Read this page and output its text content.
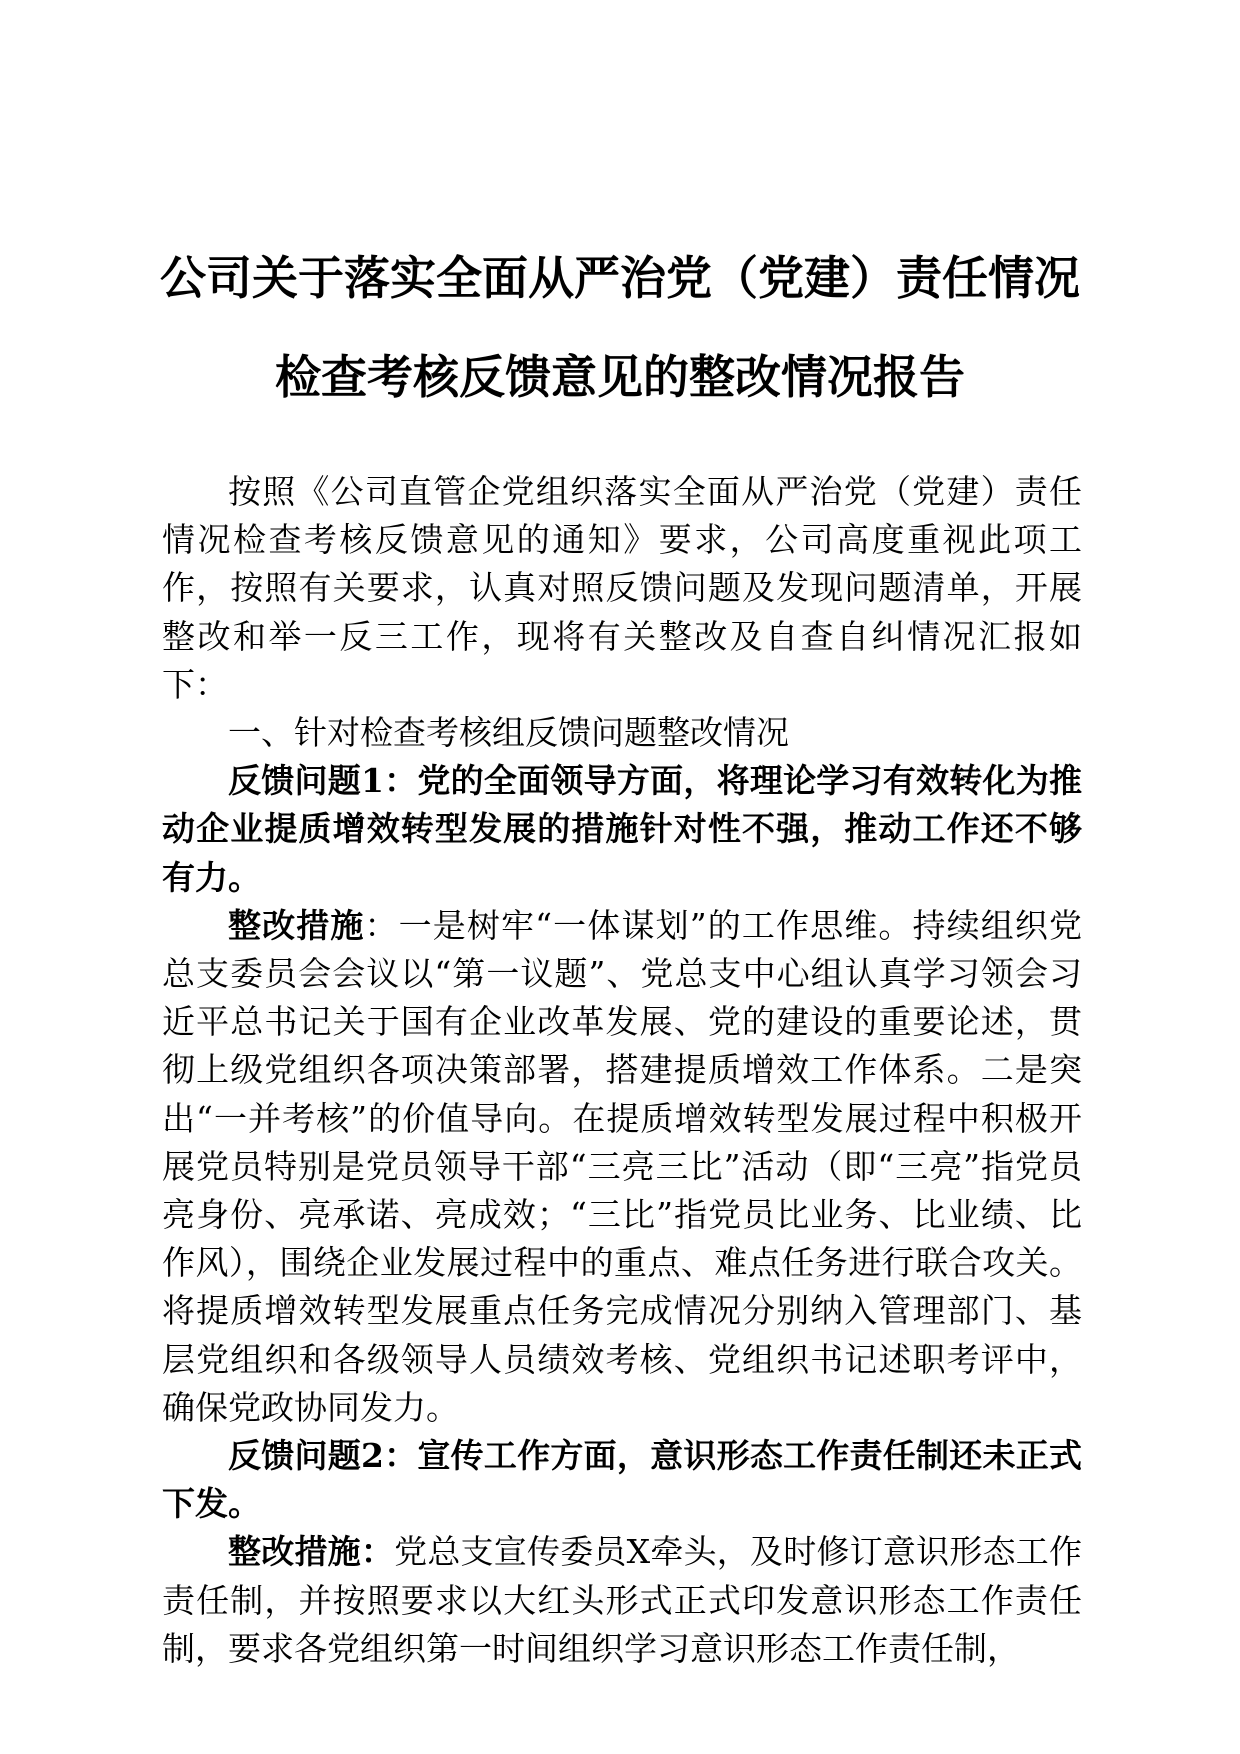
公司关于落实全面从严治党（党建）责任情况
检查考核反馈意见的整改情况报告

按照《公司直管企党组织落实全面从严治党（党建）责任情况检查考核反馈意见的通知》要求，公司高度重视此项工作，按照有关要求，认真对照反馈问题及发现问题清单，开展整改和举一反三工作，现将有关整改及自查自纠情况汇报如下：

一、针对检查考核组反馈问题整改情况

反馈问题1：党的全面领导方面，将理论学习有效转化为推动企业提质增效转型发展的措施针对性不强，推动工作还不够有力。

整改措施：一是树牢“一体谋划”的工作思维。持续组织党总支委员会会议以“第一议题”、党总支中心组认真学习领会习近平总书记关于国有企业改革发展、党的建设的重要论述，贯彻上级党组织各项决策部署，搭建提质增效工作体系。二是突出“一并考核”的价值导向。在提质增效转型发展过程中积极开展党员特别是党员领导干部“三亮三比”活动（即“三亮”指党员亮身份、亮承诺、亮成效；“三比”指党员比业务、比业绩、比作风），围绕企业发展过程中的重点、难点任务进行联合攻关。将提质增效转型发展重点任务完成情况分别纳入管理部门、基层党组织和各级领导人员绩效考核、党组织书记述职考评中，确保党政协同发力。

反馈问题2：宣传工作方面，意识形态工作责任制还未正式下发。

整改措施：党总支宣传委员X牵头，及时修订意识形态工作责任制，并按照要求以大红头形式正式印发意识形态工作责任制，要求各党组织第一时间组织学习意识形态工作责任制，
